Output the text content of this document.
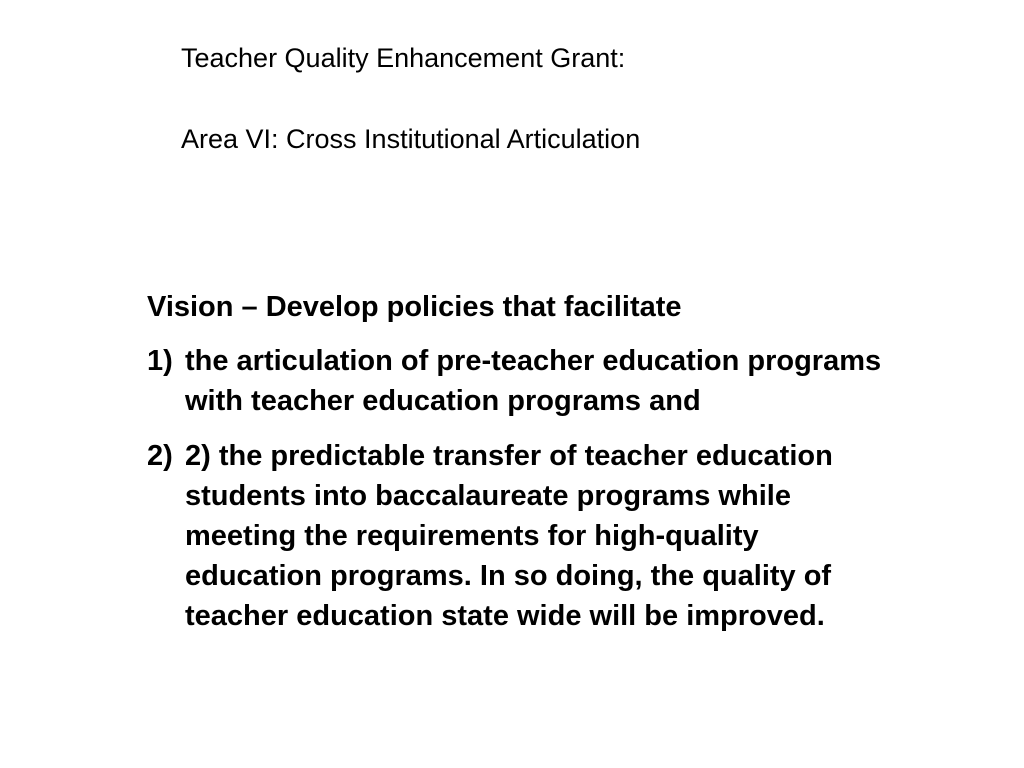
Teacher Quality Enhancement Grant:

Area VI: Cross Institutional Articulation

Vision – Develop policies that facilitate

1) the articulation of pre-teacher education programs with teacher education programs and
2) 2) the predictable transfer of teacher education students into baccalaureate programs while meeting the requirements for high-quality education programs. In so doing, the quality of teacher education state wide will be improved.
